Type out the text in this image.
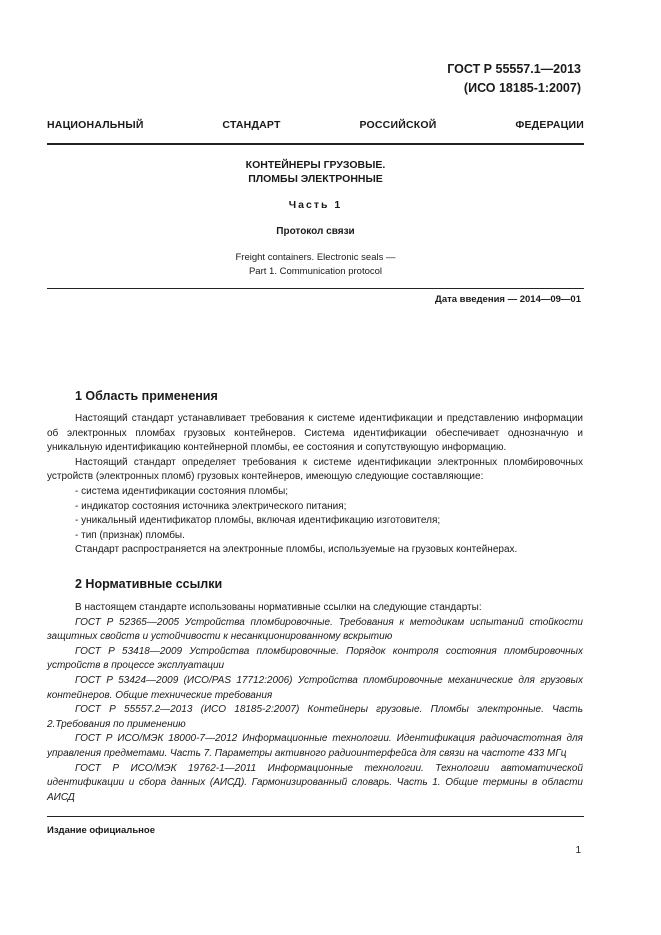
ГОСТ Р 55557.1—2013
(ИСО 18185-1:2007)
НАЦИОНАЛЬНЫЙ СТАНДАРТ РОССИЙСКОЙ ФЕДЕРАЦИИ
КОНТЕЙНЕРЫ ГРУЗОВЫЕ.
ПЛОМБЫ ЭЛЕКТРОННЫЕ
Часть 1
Протокол связи
Freight containers. Electronic seals —
Part 1. Communication protocol
Дата введения — 2014—09—01
1 Область применения

Настоящий стандарт устанавливает требования к системе идентификации и представлению информации об электронных пломбах грузовых контейнеров. Система идентификации обеспечивает однозначную и уникальную идентификацию контейнерной пломбы, ее состояния и сопутствующую информацию.

Настоящий стандарт определяет требования к системе идентификации электронных пломбировочных устройств (электронных пломб) грузовых контейнеров, имеющую следующие составляющие:

- система идентификации состояния пломбы;

- индикатор состояния источника электрического питания;

- уникальный идентификатор пломбы, включая идентификацию изготовителя;

- тип (признак) пломбы.

Стандарт распространяется на электронные пломбы, используемые на грузовых контейнерах.

2 Нормативные ссылки

В настоящем стандарте использованы нормативные ссылки на следующие стандарты:

ГОСТ Р 52365—2005 Устройства пломбировочные. Требования к методикам испытаний стойкости защитных свойств и устойчивости к несанкционированному вскрытию

ГОСТ Р 53418—2009 Устройства пломбировочные. Порядок контроля состояния пломбировочных устройств в процессе эксплуатации

ГОСТ Р 53424—2009 (ИСО/PAS 17712:2006) Устройства пломбировочные механические для грузовых контейнеров. Общие технические требования

ГОСТ Р 55557.2—2013 (ИСО 18185-2:2007) Контейнеры грузовые. Пломбы электронные. Часть 2.Требования по применению

ГОСТ Р ИСО/МЭК 18000-7—2012 Информационные технологии. Идентификация радиочастотная для управления предметами. Часть 7. Параметры активного радиоинтерфейса для связи на частоте 433 МГц

ГОСТ Р ИСО/МЭК 19762-1—2011 Информационные технологии. Технологии автоматической идентификации и сбора данных (АИСД). Гармонизированный словарь. Часть 1. Общие термины в области АИСД

Издание официальное
1
